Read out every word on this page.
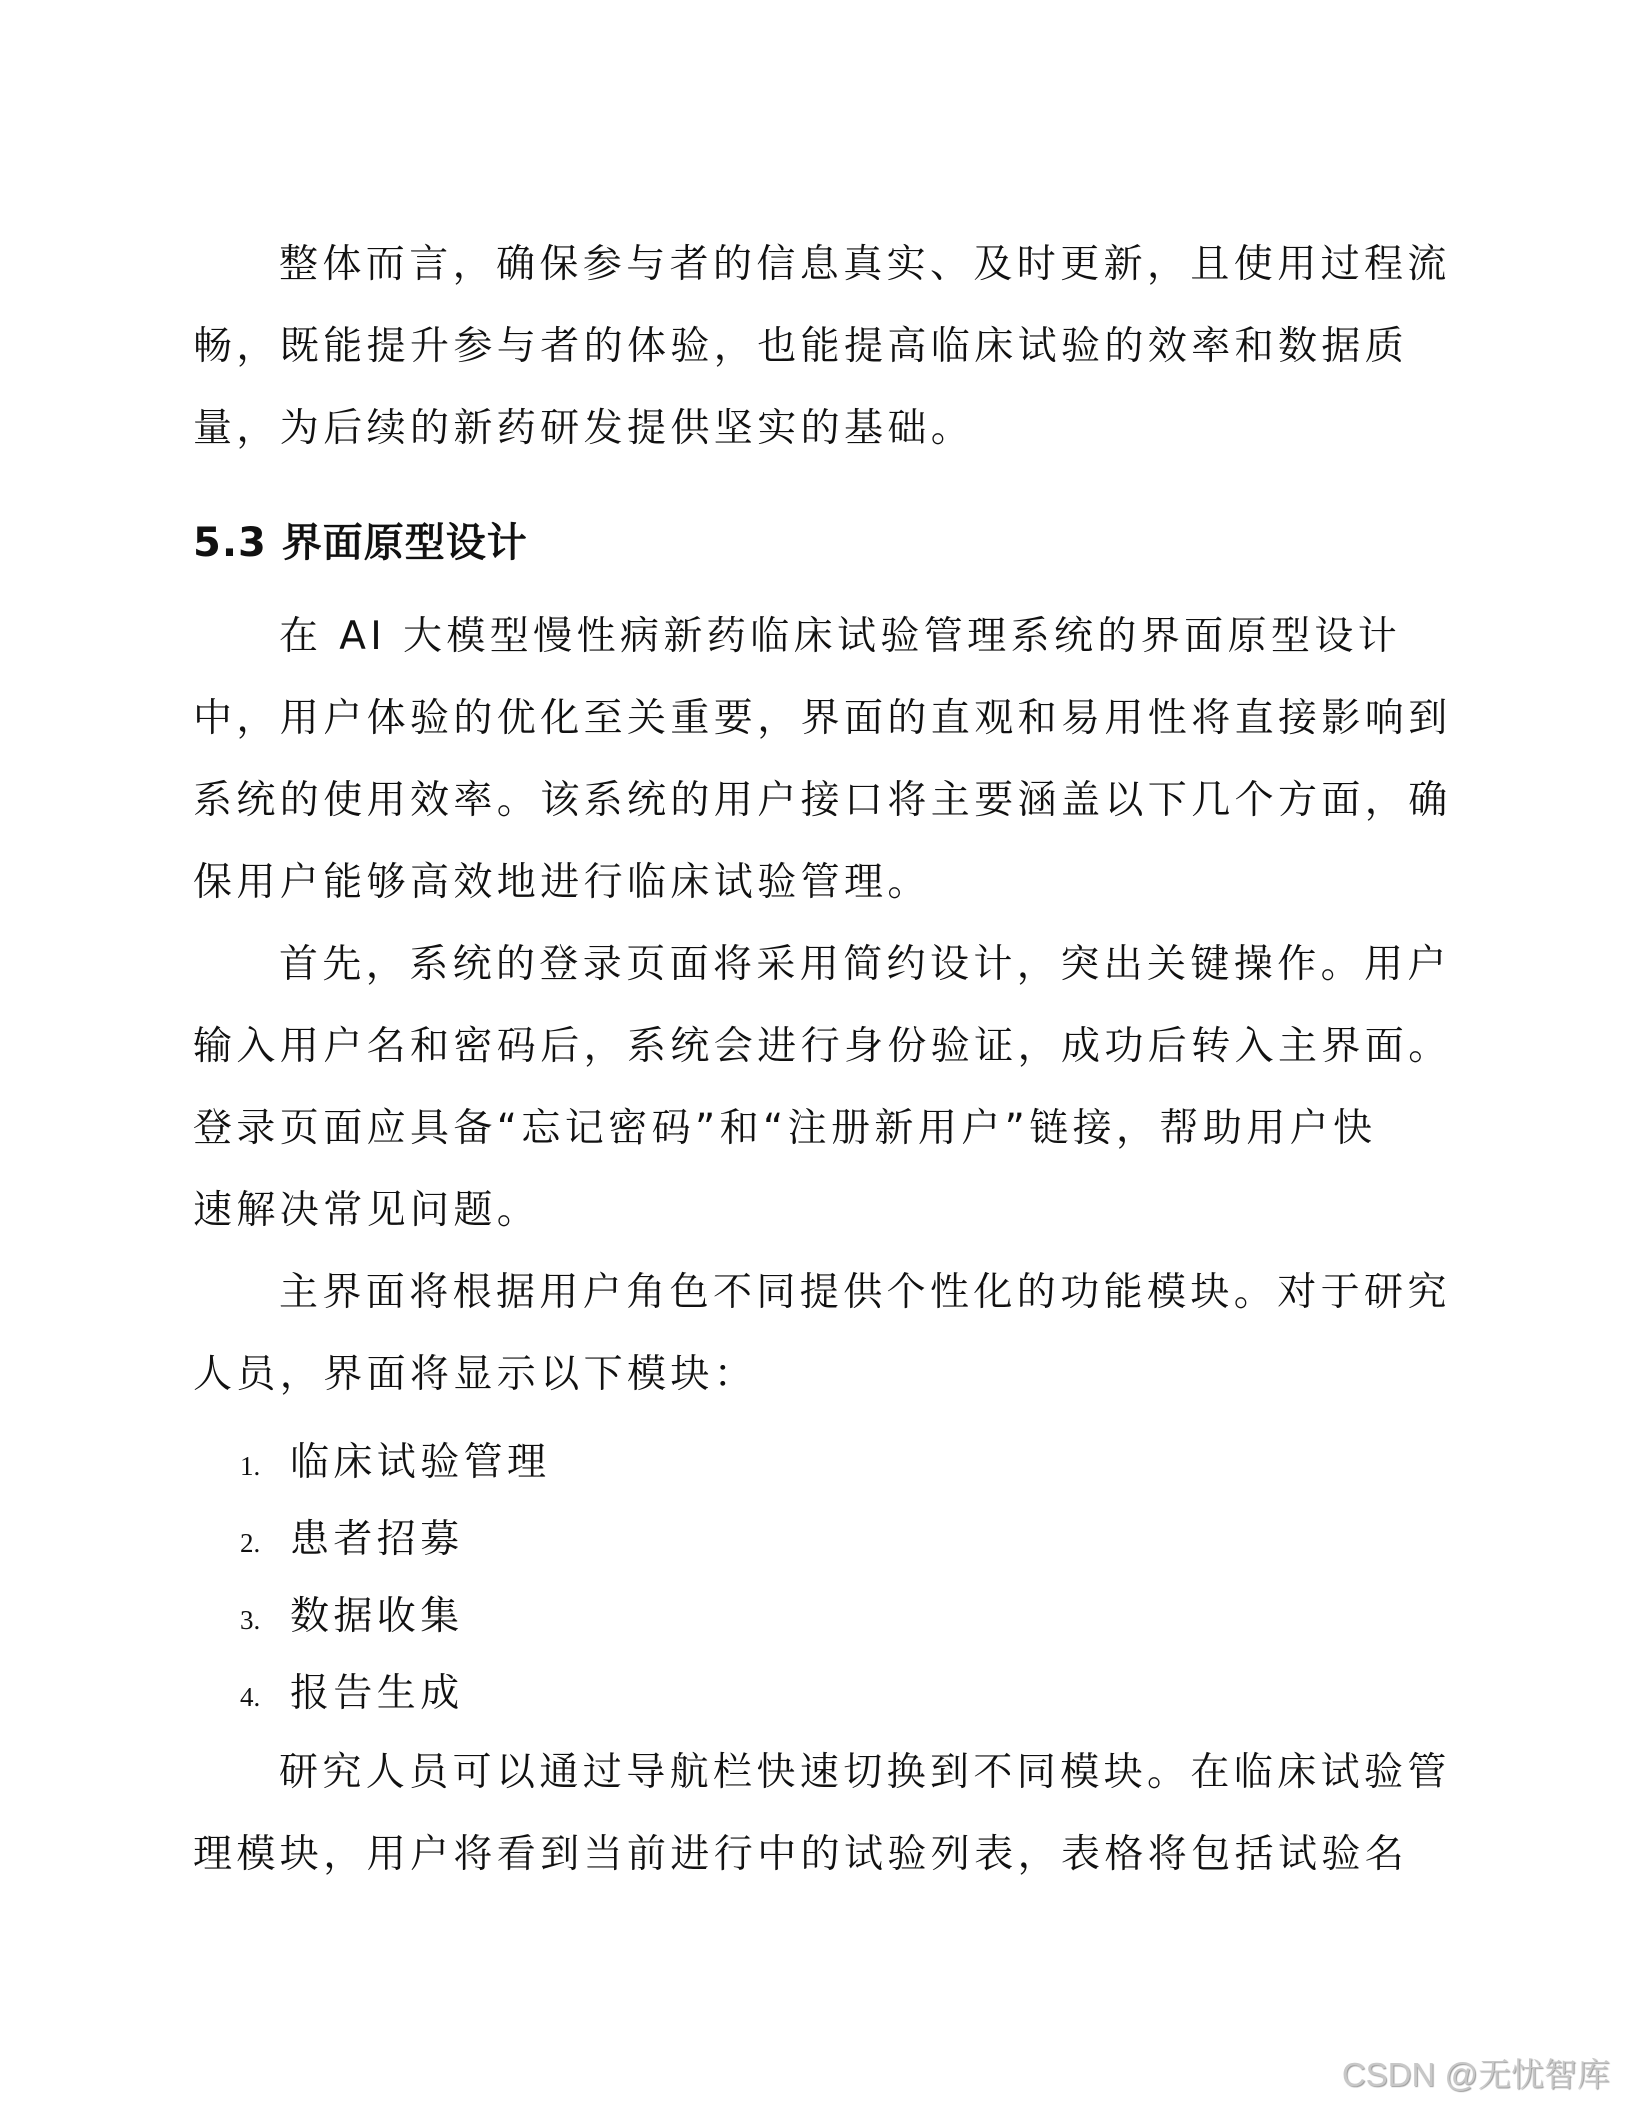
整体而言，确保参与者的信息真实、及时更新，且使用过程流
畅，既能提升参与者的体验，也能提高临床试验的效率和数据质
量，为后续的新药研发提供坚实的基础。

5.3 界面原型设计

在 AI 大模型慢性病新药临床试验管理系统的界面原型设计
中，用户体验的优化至关重要，界面的直观和易用性将直接影响到
系统的使用效率。该系统的用户接口将主要涵盖以下几个方面，确
保用户能够高效地进行临床试验管理。

首先，系统的登录页面将采用简约设计，突出关键操作。用户
输入用户名和密码后，系统会进行身份验证，成功后转入主界面。
登录页面应具备“忘记密码”和“注册新用户”链接，帮助用户快
速解决常见问题。

主界面将根据用户角色不同提供个性化的功能模块。对于研究
人员，界面将显示以下模块：

1. 临床试验管理
2. 患者招募
3. 数据收集
4. 报告生成

研究人员可以通过导航栏快速切换到不同模块。在临床试验管
理模块，用户将看到当前进行中的试验列表，表格将包括试验名

CSDN @无忧智库
